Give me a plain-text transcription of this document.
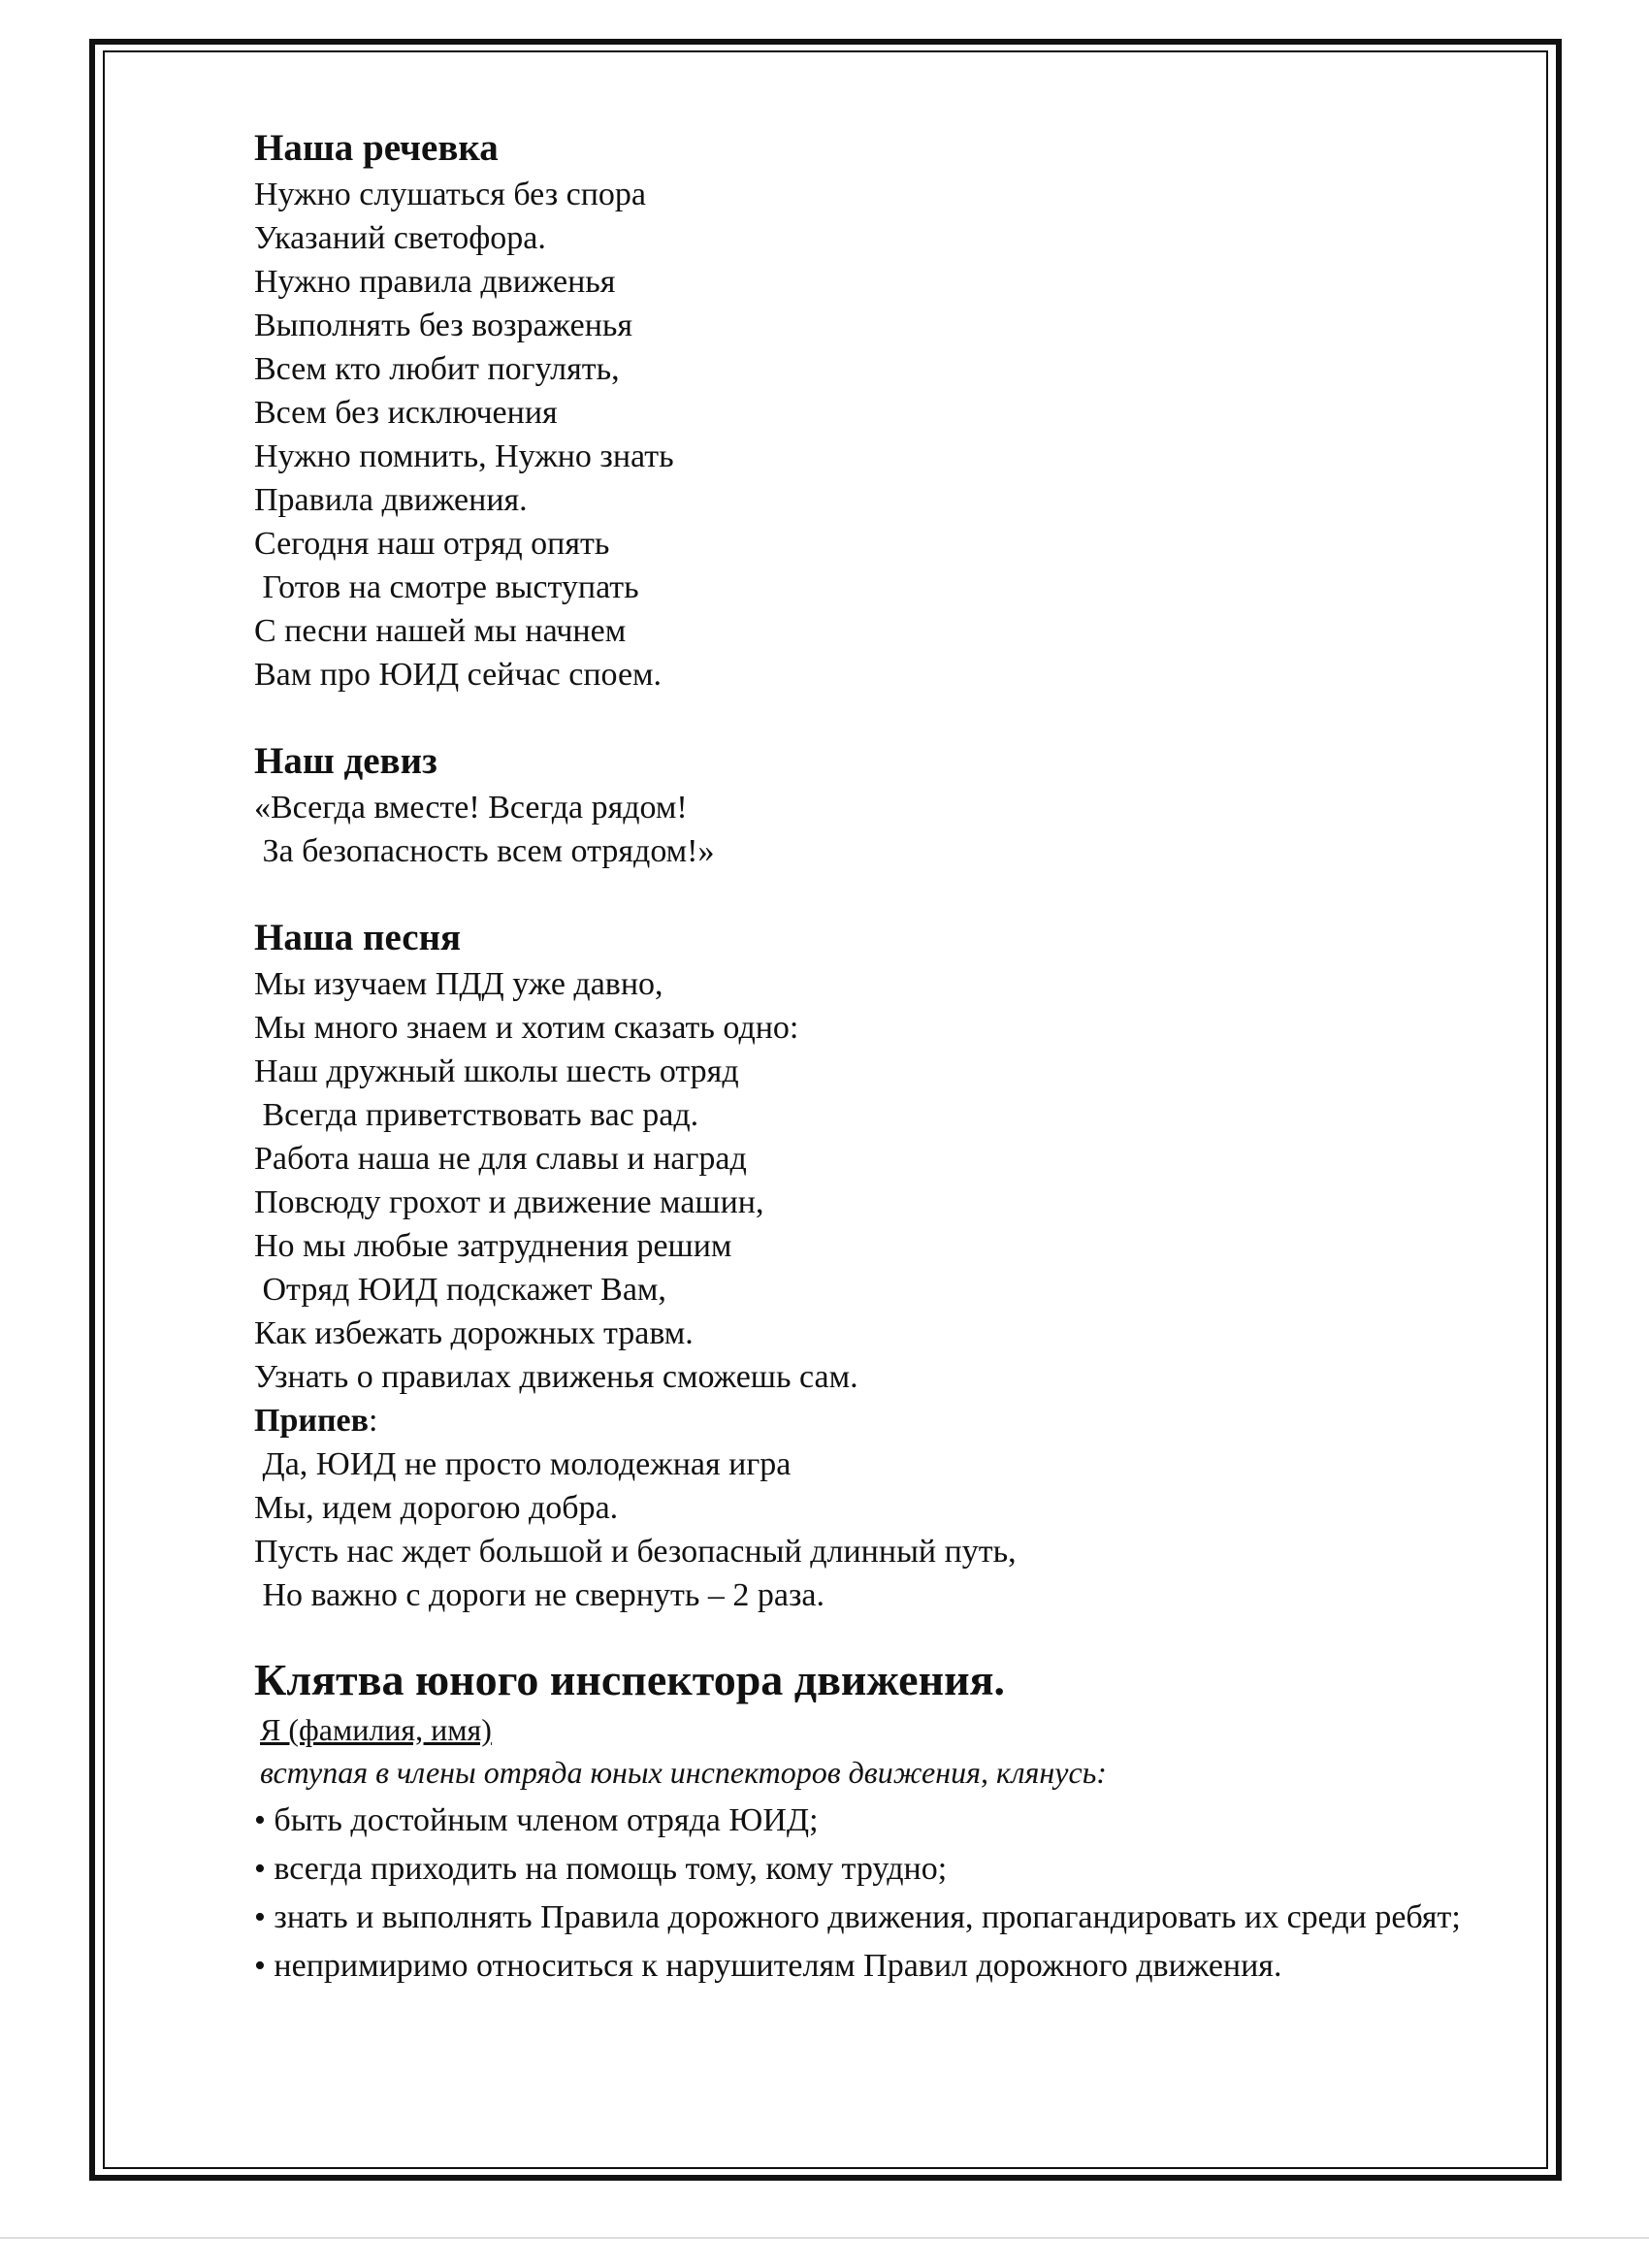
Наша речевка

Нужно слушаться без спора

Указаний светофора.

Нужно правила движенья

Выполнять без возраженья

Всем кто любит погулять,

Всем без исключения

Нужно помнить, Нужно знать

Правила движения.

Сегодня наш отряд опять

Готов на смотре выступать

С песни нашей мы начнем

Вам про ЮИД сейчас споем.

Наш девиз

«Всегда вместе! Всегда рядом!

За безопасность всем отрядом!»

Наша песня

Мы изучаем ПДД уже давно,

Мы много знаем и хотим сказать одно:

Наш дружный школы шесть отряд

Всегда приветствовать вас рад.

Работа наша не для славы и наград

Повсюду грохот и движение машин,

Но мы любые затруднения решим

Отряд ЮИД подскажет Вам,

Как избежать дорожных травм.

Узнать о правилах движенья сможешь сам.

Припев:

Да, ЮИД не просто молодежная игра

Мы, идем дорогою добра.

Пусть нас ждет большой и безопасный длинный путь,

Но важно с дороги не свернуть – 2 раза.

Клятва юного инспектора движения.

Я (фамилия, имя)
вступая в члены отряда юных инспекторов движения, клянусь:
• быть достойным членом отряда ЮИД;
• всегда приходить на помощь тому, кому трудно;
• знать и выполнять Правила дорожного движения, пропагандировать их среди ребят;
• непримиримо относиться к нарушителям Правил дорожного движения.
